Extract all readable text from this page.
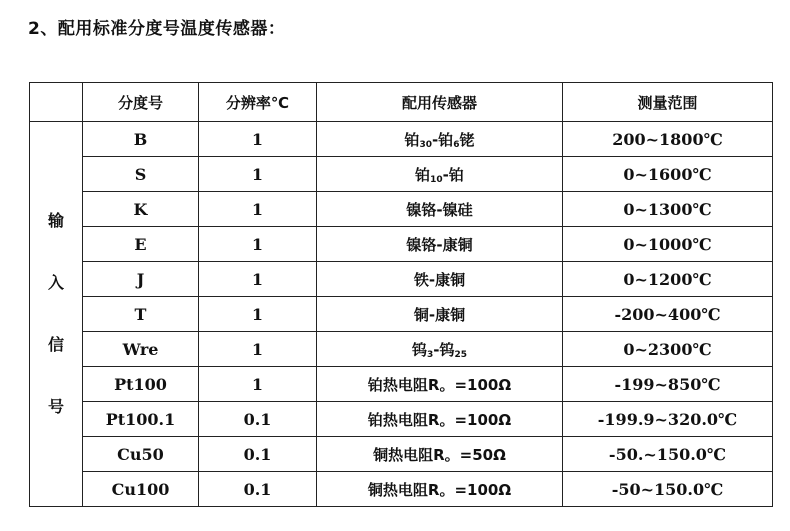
2、配用标准分度号温度传感器：
	分度号	分辨率℃	配用传感器	测量范围

输
入
信
号	B	1	铂$_{30}$-铂$_6$铑	200~1800℃
	S	1	铂$_{10}$-铂	0~1600℃
	K	1	镍铬-镍硅	0~1300℃
	E	1	镍铬-康铜	0~1000℃
	J	1	铁-康铜	0~1200℃
	T	1	铜-康铜	-200~400℃
	Wre	1	钨$_3$-钨$_{25}$	0~2300℃
	Pt100	1	铂热电阻R。=100Ω	-199~850℃
	Pt100.1	0.1	铂热电阻R。=100Ω	-199.9~320.0℃
	Cu50	0.1	铜热电阻R。=50Ω	-50.~150.0℃
	Cu100	0.1	铜热电阻R。=100Ω	-50~150.0℃
